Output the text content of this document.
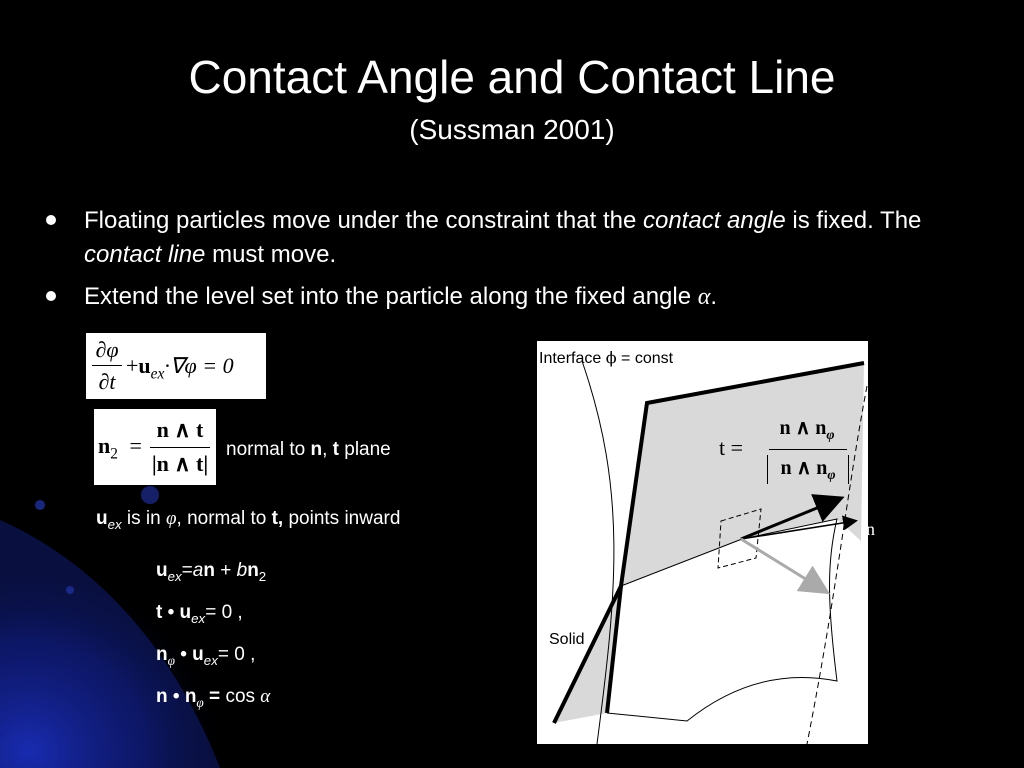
Contact Angle and Contact Line
(Sussman 2001)
Floating particles move under the constraint that the contact angle is fixed. The contact line must move.
Extend the level set into the particle along the fixed angle α.
∂φ
∂t
$+u_{ex}\cdot\nabla\varphi = 0$
$n_2$ =
n ∧ t
|n ∧ t|
normal to n, t plane
$u_{ex}$ is in φ, normal to t, points inward
$u_{ex}=an + bn_2$
t • $u_{ex}= 0$ ,
$n_\varphi$ • $u_{ex}= 0$ ,
n • $n_\varphi = \cos \alpha$
Interface ϕ = const
Solid
t =
n ∧ $n_\varphi$
n ∧ $n_\varphi$
n
